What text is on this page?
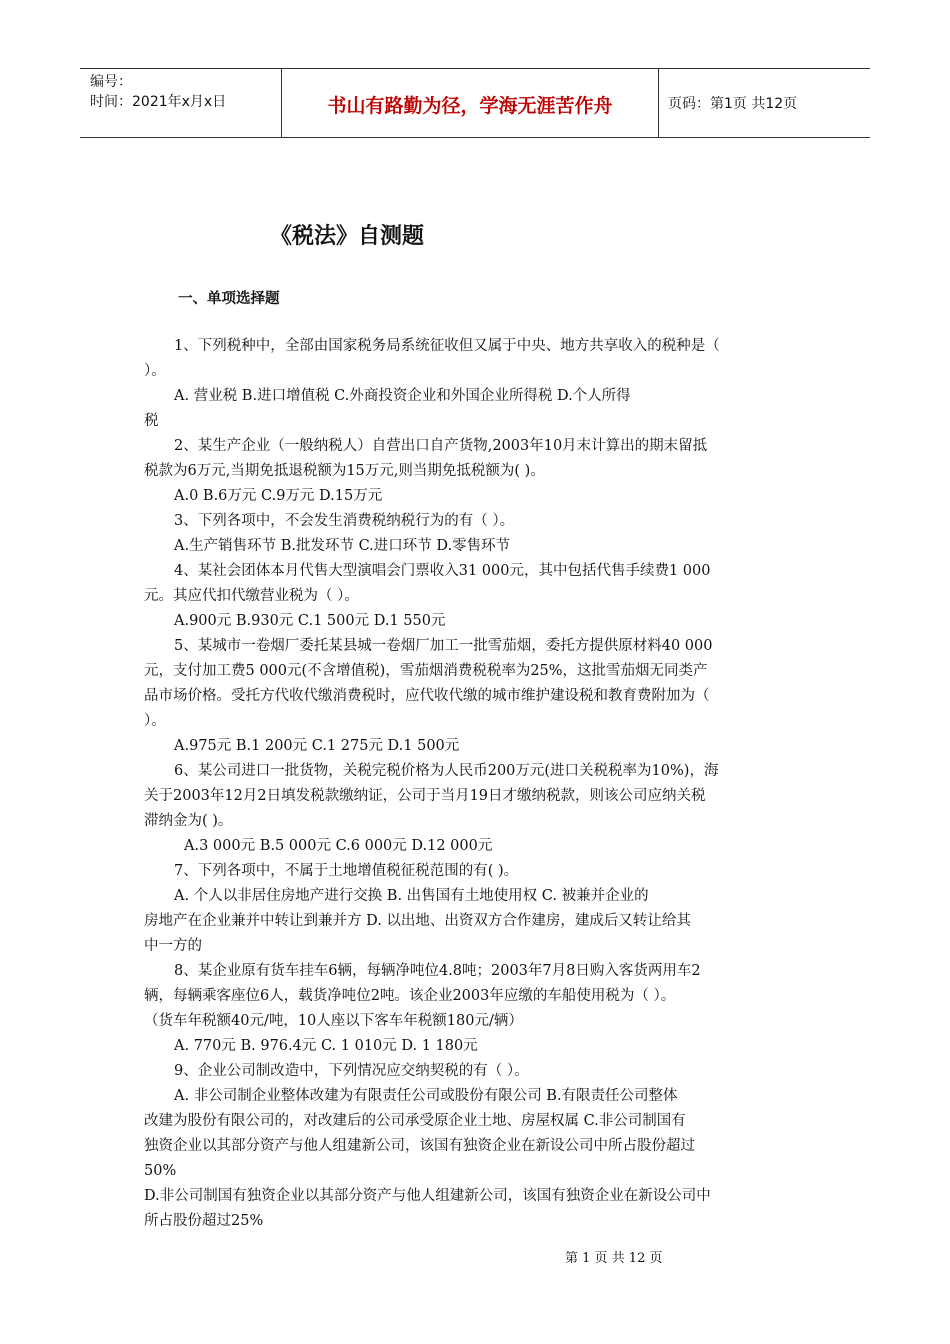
编号：
时间：2021年x月x日	书山有路勤为径，学海无涯苦作舟	页码：第1页 共12页
《税法》自测题
一、单项选择题
1、下列税种中，全部由国家税务局系统征收但又属于中央、地方共享收入的税种是（
）。
A. 营业税 B.进口增值税 C.外商投资企业和外国企业所得税 D.个人所得
税
2、某生产企业（一般纳税人）自营出口自产货物,2003年10月末计算出的期末留抵
税款为6万元,当期免抵退税额为15万元,则当期免抵税额为( )。
A.0 B.6万元 C.9万元 D.15万元
3、下列各项中，不会发生消费税纳税行为的有（ ）。
A.生产销售环节 B.批发环节 C.进口环节 D.零售环节
4、某社会团体本月代售大型演唱会门票收入31 000元，其中包括代售手续费1 000
元。其应代扣代缴营业税为（ ）。
A.900元 B.930元 C.1 500元 D.1 550元
5、某城市一卷烟厂委托某县城一卷烟厂加工一批雪茄烟，委托方提供原材料40 000
元，支付加工费5 000元(不含增值税)，雪茄烟消费税税率为25%，这批雪茄烟无同类产
品市场价格。受托方代收代缴消费税时，应代收代缴的城市维护建设税和教育费附加为（
）。
A.975元 B.1 200元 C.1 275元 D.1 500元
6、某公司进口一批货物，关税完税价格为人民币200万元(进口关税税率为10%)，海
关于2003年12月2日填发税款缴纳证，公司于当月19日才缴纳税款，则该公司应纳关税
滞纳金为( )。
A.3 000元 B.5 000元 C.6 000元 D.12 000元
7、下列各项中，不属于土地增值税征税范围的有( )。
A. 个人以非居住房地产进行交换 B. 出售国有土地使用权 C. 被兼并企业的
房地产在企业兼并中转让到兼并方 D. 以出地、出资双方合作建房，建成后又转让给其
中一方的
8、某企业原有货车挂车6辆，每辆净吨位4.8吨；2003年7月8日购入客货两用车2
辆，每辆乘客座位6人，载货净吨位2吨。该企业2003年应缴的车船使用税为（ ）。
（货车年税额40元/吨，10人座以下客车年税额180元/辆）
A. 770元 B. 976.4元 C. 1 010元 D. 1 180元
9、企业公司制改造中，下列情况应交纳契税的有（ ）。
A. 非公司制企业整体改建为有限责任公司或股份有限公司 B.有限责任公司整体
改建为股份有限公司的，对改建后的公司承受原企业土地、房屋权属 C.非公司制国有
独资企业以其部分资产与他人组建新公司，该国有独资企业在新设公司中所占股份超过
50%
D.非公司制国有独资企业以其部分资产与他人组建新公司，该国有独资企业在新设公司中
所占股份超过25%
第 1 页 共 12 页
